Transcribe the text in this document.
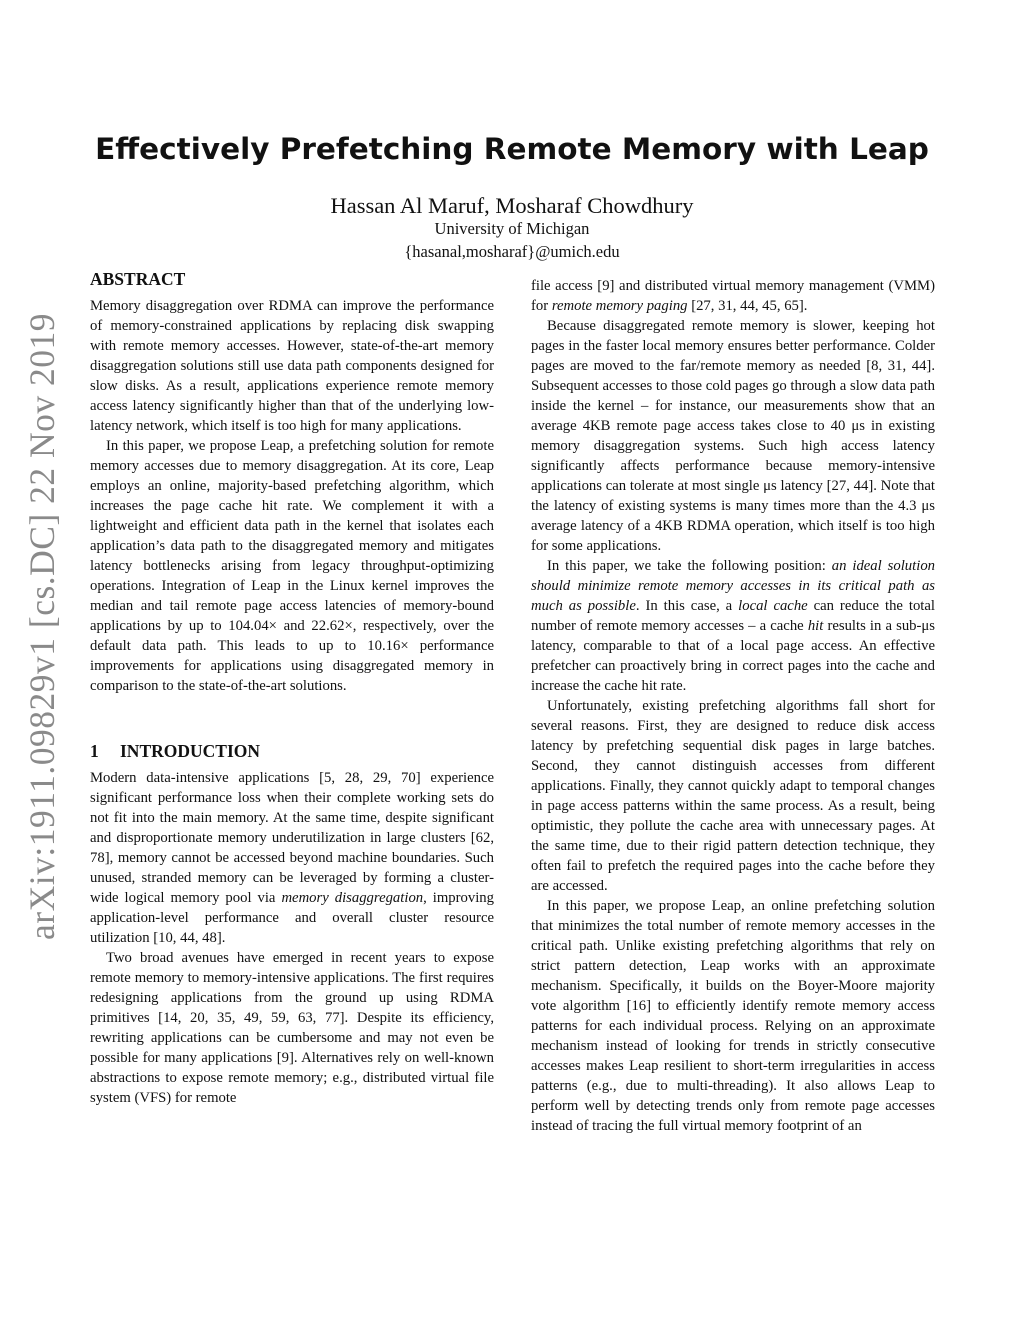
Effectively Prefetching Remote Memory with Leap
Hassan Al Maruf, Mosharaf Chowdhury
University of Michigan
{hasanal,mosharaf}@umich.edu
arXiv:1911.09829v1 [cs.DC] 22 Nov 2019
ABSTRACT

Memory disaggregation over RDMA can improve the performance of memory-constrained applications by replacing disk swapping with remote memory accesses. However, state-of-the-art memory disaggregation solutions still use data path components designed for slow disks. As a result, applications experience remote memory access latency significantly higher than that of the underlying low-latency network, which itself is too high for many applications.

In this paper, we propose Leap, a prefetching solution for remote memory accesses due to memory disaggregation. At its core, Leap employs an online, majority-based prefetching algorithm, which increases the page cache hit rate. We complement it with a lightweight and efficient data path in the kernel that isolates each application’s data path to the disaggregated memory and mitigates latency bottlenecks arising from legacy throughput-optimizing operations. Integration of Leap in the Linux kernel improves the median and tail remote page access latencies of memory-bound applications by up to 104.04× and 22.62×, respectively, over the default data path. This leads to up to 10.16× performance improvements for applications using disaggregated memory in comparison to the state-of-the-art solutions.

1 INTRODUCTION

Modern data-intensive applications [5, 28, 29, 70] experience significant performance loss when their complete working sets do not fit into the main memory. At the same time, despite significant and disproportionate memory underutilization in large clusters [62, 78], memory cannot be accessed beyond machine boundaries. Such unused, stranded memory can be leveraged by forming a cluster-wide logical memory pool via memory disaggregation, improving application-level performance and overall cluster resource utilization [10, 44, 48].

Two broad avenues have emerged in recent years to expose remote memory to memory-intensive applications. The first requires redesigning applications from the ground up using RDMA primitives [14, 20, 35, 49, 59, 63, 77]. Despite its efficiency, rewriting applications can be cumbersome and may not even be possible for many applications [9]. Alternatives rely on well-known abstractions to expose remote memory; e.g., distributed virtual file system (VFS) for remote

file access [9] and distributed virtual memory management (VMM) for remote memory paging [27, 31, 44, 45, 65].

Because disaggregated remote memory is slower, keeping hot pages in the faster local memory ensures better performance. Colder pages are moved to the far/remote memory as needed [8, 31, 44]. Subsequent accesses to those cold pages go through a slow data path inside the kernel – for instance, our measurements show that an average 4KB remote page access takes close to 40 μs in existing memory disaggregation systems. Such high access latency significantly affects performance because memory-intensive applications can tolerate at most single μs latency [27, 44]. Note that the latency of existing systems is many times more than the 4.3 μs average latency of a 4KB RDMA operation, which itself is too high for some applications.

In this paper, we take the following position: an ideal solution should minimize remote memory accesses in its critical path as much as possible. In this case, a local cache can reduce the total number of remote memory accesses – a cache hit results in a sub-μs latency, comparable to that of a local page access. An effective prefetcher can proactively bring in correct pages into the cache and increase the cache hit rate.

Unfortunately, existing prefetching algorithms fall short for several reasons. First, they are designed to reduce disk access latency by prefetching sequential disk pages in large batches. Second, they cannot distinguish accesses from different applications. Finally, they cannot quickly adapt to temporal changes in page access patterns within the same process. As a result, being optimistic, they pollute the cache area with unnecessary pages. At the same time, due to their rigid pattern detection technique, they often fail to prefetch the required pages into the cache before they are accessed.

In this paper, we propose Leap, an online prefetching solution that minimizes the total number of remote memory accesses in the critical path. Unlike existing prefetching algorithms that rely on strict pattern detection, Leap works with an approximate mechanism. Specifically, it builds on the Boyer-Moore majority vote algorithm [16] to efficiently identify remote memory access patterns for each individual process. Relying on an approximate mechanism instead of looking for trends in strictly consecutive accesses makes Leap resilient to short-term irregularities in access patterns (e.g., due to multi-threading). It also allows Leap to perform well by detecting trends only from remote page accesses instead of tracing the full virtual memory footprint of an
